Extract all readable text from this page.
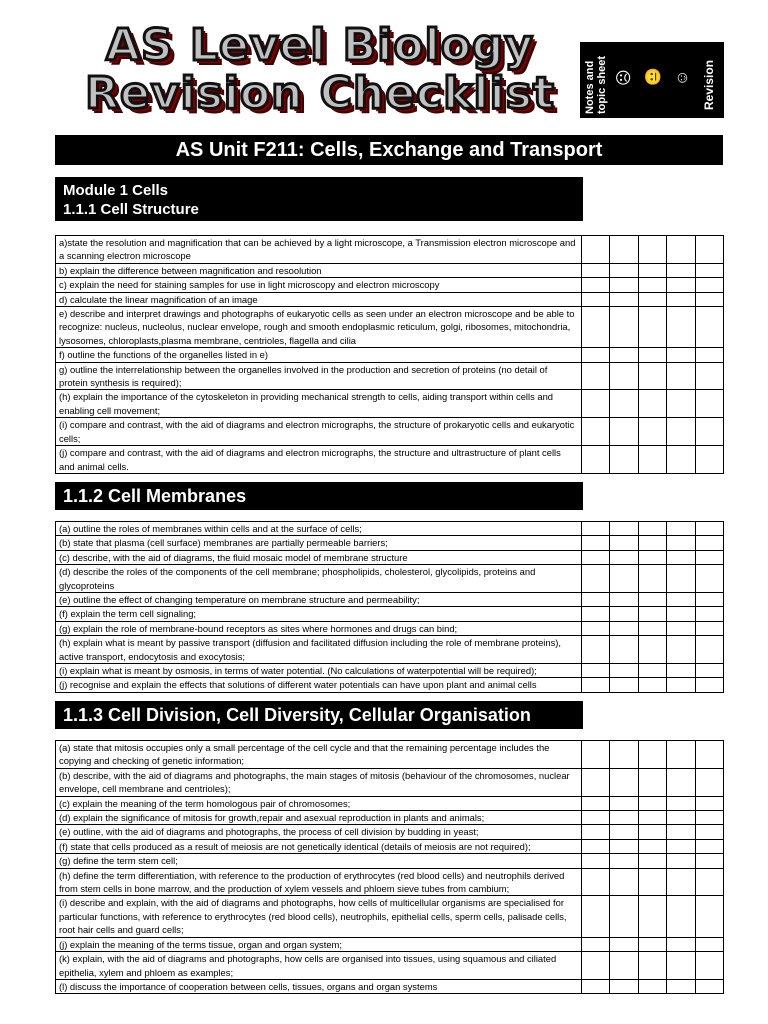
AS Level Biology
Revision Checklist	Notes and topic sheet ☹ 😐 ☺ Revision
AS Unit F211: Cells, Exchange and Transport
Module 1 Cells
1.1.1 Cell Structure
a)state the resolution and magnification that can be achieved by a light microscope, a Transmission electron microscope and a scanning electron microscope					
b) explain the difference between magnification and resoolution					
c) explain the need for staining samples for use in light microscopy and electron microscopy					
d) calculate the linear magnification of an image					
e) describe and interpret drawings and photographs of eukaryotic cells as seen under an electron microscope and be able to recognize: nucleus, nucleolus, nuclear envelope, rough and smooth endoplasmic reticulum, golgi, ribosomes, mitochondria, lysosomes, chloroplasts,plasma membrane, centrioles, flagella and cilia					
f) outline the functions of the organelles listed in e)					
g) outline the interrelationship between the organelles involved in the production and secretion of proteins (no detail of protein synthesis is required);					
(h) explain the importance of the cytoskeleton in providing mechanical strength to cells, aiding transport within cells and enabling cell movement;					
(i) compare and contrast, with the aid of diagrams and electron micrographs, the structure of prokaryotic cells and eukaryotic cells;					
(j) compare and contrast, with the aid of diagrams and electron micrographs, the structure and ultrastructure of plant cells and animal cells.					
1.1.2 Cell Membranes
(a) outline the roles of membranes within cells and at the surface of cells;					
(b) state that plasma (cell surface) membranes are partially permeable barriers;					
(c) describe, with the aid of diagrams, the fluid mosaic model of membrane structure					
(d) describe the roles of the components of the cell membrane; phospholipids, cholesterol, glycolipids, proteins and glycoproteins					
(e) outline the effect of changing temperature on membrane structure and permeability;					
(f) explain the term cell signaling;					
(g) explain the role of membrane-bound receptors as sites where hormones and drugs can bind;					
(h) explain what is meant by passive transport (diffusion and facilitated diffusion including the role of membrane proteins), active transport, endocytosis and exocytosis;					
(i) explain what is meant by osmosis, in terms of water potential. (No calculations of waterpotential will be required);					
(j) recognise and explain the effects that solutions of different water potentials can have upon plant and animal cells					
1.1.3 Cell Division, Cell Diversity, Cellular Organisation
(a) state that mitosis occupies only a small percentage of the cell cycle and that the remaining percentage includes the copying and checking of genetic information;					
(b) describe, with the aid of diagrams and photographs, the main stages of mitosis (behaviour of the chromosomes, nuclear envelope, cell membrane and centrioles);					
(c) explain the meaning of the term homologous pair of chromosomes;					
(d) explain the significance of mitosis for growth,repair and asexual reproduction in plants and animals;					
(e) outline, with the aid of diagrams and photographs, the process of cell division by budding in yeast;					
(f) state that cells produced as a result of meiosis are not genetically identical (details of meiosis are not required);					
(g) define the term stem cell;					
(h) define the term differentiation, with reference to the production of erythrocytes (red blood cells) and neutrophils derived from stem cells in bone marrow, and the production of xylem vessels and phloem sieve tubes from cambium;					
(i) describe and explain, with the aid of diagrams and photographs, how cells of multicellular organisms are specialised for particular functions, with reference to erythrocytes (red blood cells), neutrophils, epithelial cells, sperm cells, palisade cells, root hair cells and guard cells;					
(j) explain the meaning of the terms tissue, organ and organ system;					
(k) explain, with the aid of diagrams and photographs, how cells are organised into tissues, using squamous and ciliated epithelia, xylem and phloem as examples;					
(l) discuss the importance of cooperation between cells, tissues, organs and organ systems					
